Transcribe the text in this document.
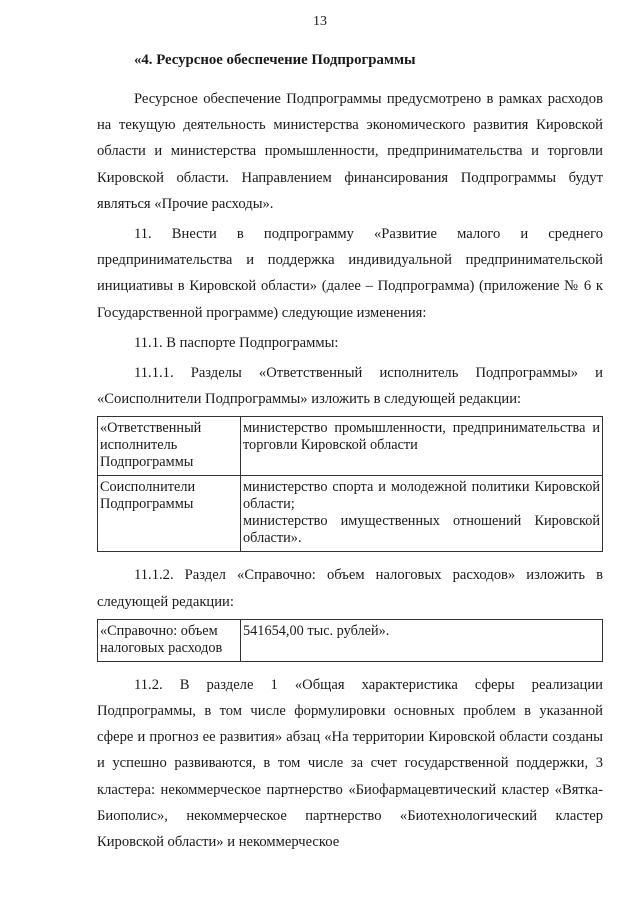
13
«4. Ресурсное обеспечение Подпрограммы

Ресурсное обеспечение Подпрограммы предусмотрено в рамках расходов на текущую деятельность министерства экономического развития Кировской области и министерства промышленности, предпринимательства и торговли Кировской области. Направлением финансирования Подпрограммы будут являться «Прочие расходы».

11. Внести в подпрограмму «Развитие малого и среднего предпринимательства и поддержка индивидуальной предпринимательской инициативы в Кировской области» (далее – Подпрограмма) (приложение № 6 к Государственной программе) следующие изменения:

11.1. В паспорте Подпрограммы:

11.1.1. Разделы «Ответственный исполнитель Подпрограммы» и «Соисполнители Подпрограммы» изложить в следующей редакции:

«Ответственный исполнитель Подпрограммы	министерство промышленности, предпринимательства и торговли Кировской области

Соисполнители Подпрограммы	министерство спорта и молодежной политики Кировской области;
министерство имущественных отношений Кировской области».

11.1.2. Раздел «Справочно: объем налоговых расходов» изложить в следующей редакции:

«Справочно: объем налоговых расходов	541654,00 тыс. рублей».

11.2. В разделе 1 «Общая характеристика сферы реализации Подпрограммы, в том числе формулировки основных проблем в указанной сфере и прогноз ее развития» абзац «На территории Кировской области созданы и успешно развиваются, в том числе за счет государственной поддержки, 3 кластера: некоммерческое партнерство «Биофармацевтический кластер «Вятка-Биополис», некоммерческое партнерство «Биотехнологический кластер Кировской области» и некоммерческое
